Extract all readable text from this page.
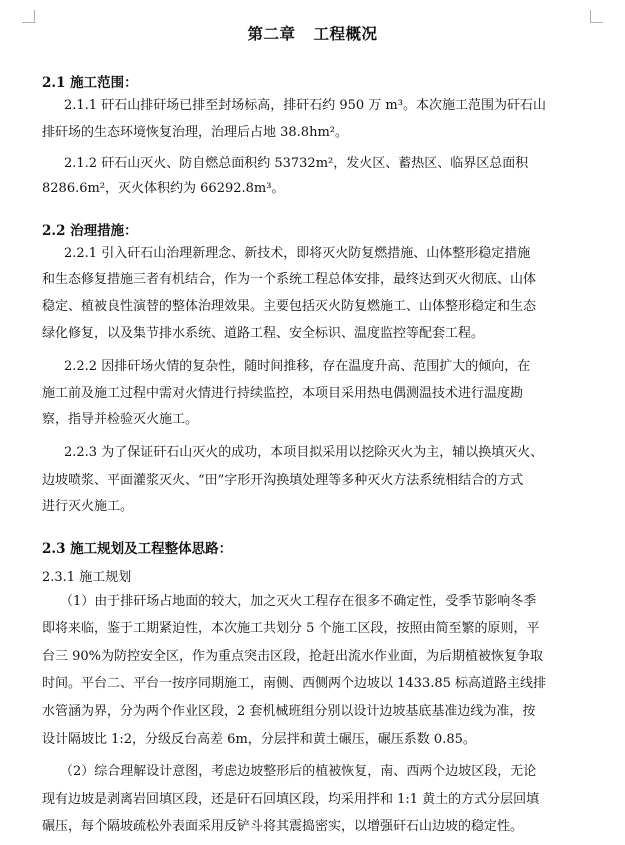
第二章 工程概况
2.1 施工范围：
2.1.1 矸石山排矸场已排至封场标高，排矸石约 950 万 m³。本次施工范围为矸石山
排矸场的生态环境恢复治理，治理后占地 38.8hm²。
2.1.2 矸石山灭火、防自燃总面积约 53732m²，发火区、蓄热区、临界区总面积
8286.6m²，灭火体积约为 66292.8m³。
2.2 治理措施：
2.2.1 引入矸石山治理新理念、新技术，即将灭火防复燃措施、山体整形稳定措施
和生态修复措施三者有机结合，作为一个系统工程总体安排，最终达到灭火彻底、山体
稳定、植被良性演替的整体治理效果。主要包括灭火防复燃施工、山体整形稳定和生态
绿化修复，以及集节排水系统、道路工程、安全标识、温度监控等配套工程。
2.2.2 因排矸场火情的复杂性，随时间推移，存在温度升高、范围扩大的倾向，在
施工前及施工过程中需对火情进行持续监控，本项目采用热电偶测温技术进行温度勘
察，指导并检验灭火施工。
2.2.3 为了保证矸石山灭火的成功，本项目拟采用以挖除灭火为主，辅以换填灭火、
边坡喷浆、平面灌浆灭火、“田”字形开沟换填处理等多种灭火方法系统相结合的方式
进行灭火施工。
2.3 施工规划及工程整体思路：
2.3.1 施工规划
（1）由于排矸场占地面的较大，加之灭火工程存在很多不确定性，受季节影响冬季
即将来临，鉴于工期紧迫性，本次施工共划分 5 个施工区段，按照由简至繁的原则，平
台三 90%为防控安全区，作为重点突击区段，抢赶出流水作业面，为后期植被恢复争取
时间。平台二、平台一按序同期施工，南侧、西侧两个边坡以 1433.85 标高道路主线排
水管涵为界，分为两个作业区段，2 套机械班组分别以设计边坡基底基准边线为准，按
设计隔坡比 1:2，分级反台高差 6m，分层拌和黄土碾压，碾压系数 0.85。
（2）综合理解设计意图，考虑边坡整形后的植被恢复，南、西两个边坡区段，无论
现有边坡是剥离岩回填区段，还是矸石回填区段，均采用拌和 1:1 黄土的方式分层回填
碾压，每个隔坡疏松外表面采用反铲斗将其震捣密实，以增强矸石山边坡的稳定性。
